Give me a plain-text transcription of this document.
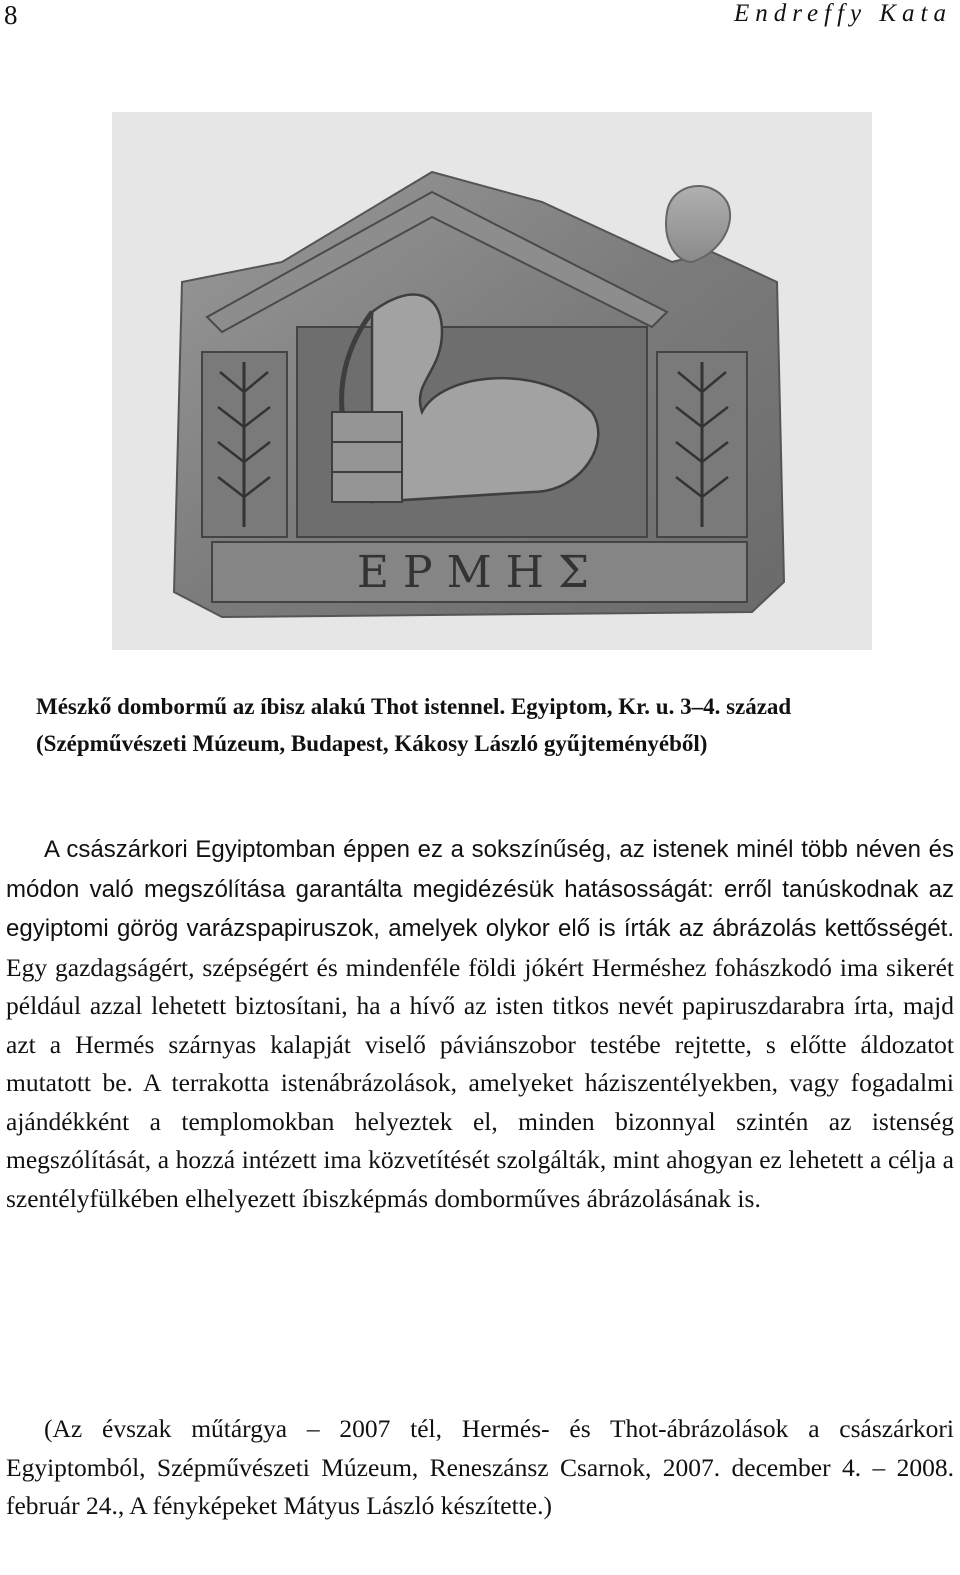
8	Endreffy Kata
ΕΡΜΗΣ
Mészkő dombormű az íbisz alakú Thot istennel. Egyiptom, Kr. u. 3–4. század
(Szépművészeti Múzeum, Budapest, Kákosy László gyűjteményéből)

A császárkori Egyiptomban éppen ez a sokszínűség, az istenek minél több néven és módon való megszólítása garantálta megidézésük hatásosságát: erről tanúskodnak az egyiptomi görög varázspapiruszok, amelyek olykor elő is írták az ábrázolás kettősségét. Egy gazdagságért, szépségért és mindenféle földi jókért Herméshez fohászkodó ima sikerét például azzal lehetett biztosítani, ha a hívő az isten titkos nevét papiruszdarabra írta, majd azt a Hermés szárnyas kalapját viselő páviánszobor testébe rejtette, s előtte áldozatot mutatott be. A terrakotta istenábrázolások, amelyeket háziszentélyekben, vagy fogadalmi ajándékként a templomokban helyeztek el, minden bizonnyal szintén az istenség megszólítását, a hozzá intézett ima közvetítését szolgálták, mint ahogyan ez lehetett a célja a szentélyfülkében elhelyezett íbiszképmás domborműves ábrázolásának is.

(Az évszak műtárgya – 2007 tél, Hermés- és Thot-ábrázolások a császárkori Egyiptomból, Szépművészeti Múzeum, Reneszánsz Csarnok, 2007. december 4. – 2008. február 24., A fényképeket Mátyus László készítette.)
